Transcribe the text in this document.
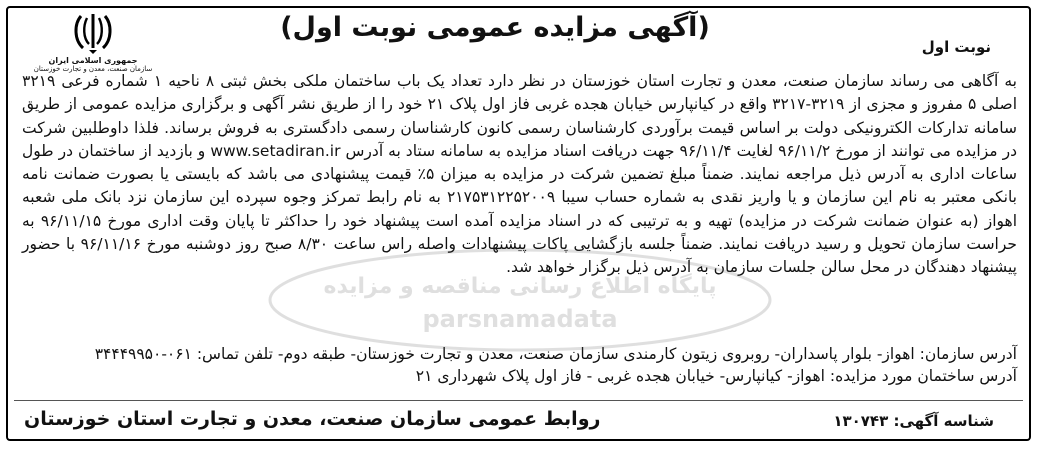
جمهوری اسلامی ایران
سازمان صنعت، معدن و تجارت خوزستان
(آگهی مزایده عمومی نوبت اول)
نوبت اول

به آگاهی می رساند سازمان صنعت، معدن و تجارت استان خوزستان در نظر دارد تعداد یک باب ساختمان ملکی بخش ثبتی ۸ ناحیه ۱ شماره فرعی ۳۲۱۹ اصلی ۵ مفروز و مجزی از ۳۲۱۹-۳۲۱۷ واقع در کیانپارس خیابان هجده غربی فاز اول پلاک ۲۱ خود را از طریق نشر آگهی و برگزاری مزایده عمومی از طریق سامانه تدارکات الکترونیکی دولت بر اساس قیمت برآوردی کارشناسان رسمی کانون کارشناسان رسمی دادگستری به فروش برساند. فلذا داوطلبین شرکت در مزایده می توانند از مورخ ۹۶/۱۱/۲ لغایت ۹۶/۱۱/۴ جهت دریافت اسناد مزایده به سامانه ستاد به آدرس www.setadiran.ir و بازدید از ساختمان در طول ساعات اداری به آدرس ذیل مراجعه نمایند. ضمناً مبلغ تضمین شرکت در مزایده به میزان ۵٪ قیمت پیشنهادی می باشد که بایستی یا بصورت ضمانت نامه بانکی معتبر به نام این سازمان و یا واریز نقدی به شماره حساب سیبا ۲۱۷۵۳۱۲۲۵۲۰۰۹ به نام رابط تمرکز وجوه سپرده این سازمان نزد بانک ملی شعبه اهواز (به عنوان ضمانت شرکت در مزایده) تهیه و به ترتیبی که در اسناد مزایده آمده است پیشنهاد خود را حداکثر تا پایان وقت اداری مورخ ۹۶/۱۱/۱۵ به حراست سازمان تحویل و رسید دریافت نمایند. ضمناً جلسه بازگشایی پاکات پیشنهادات واصله راس ساعت ۸/۳۰ صبح روز دوشنبه مورخ ۹۶/۱۱/۱۶ با حضور پیشنهاد دهندگان در محل سالن جلسات سازمان به آدرس ذیل برگزار خواهد شد.

آدرس سازمان: اهواز- بلوار پاسداران- روبروی زیتون کارمندی سازمان صنعت، معدن و تجارت خوزستان- طبقه دوم- تلفن تماس: ۰۶۱-۳۴۴۴۹۹۵۰
آدرس ساختمان مورد مزایده: اهواز- کیانپارس- خیابان هجده غربی - فاز اول پلاک شهرداری ۲۱
شناسه آگهی: ۱۳۰۷۴۳
روابط عمومی سازمان صنعت، معدن و تجارت استان خوزستان
پایگاه اطلاع رسانی مناقصه و مزایده
parsnamadata
